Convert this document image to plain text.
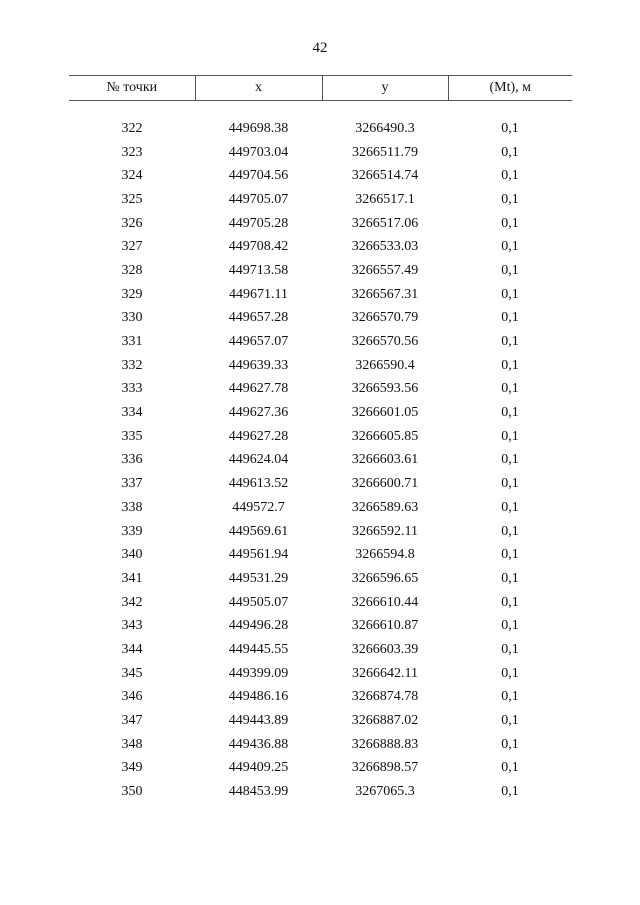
42
№ точки	x	y	(Mt), м

322	449698.38	3266490.3	0,1
323	449703.04	3266511.79	0,1
324	449704.56	3266514.74	0,1
325	449705.07	3266517.1	0,1
326	449705.28	3266517.06	0,1
327	449708.42	3266533.03	0,1
328	449713.58	3266557.49	0,1
329	449671.11	3266567.31	0,1
330	449657.28	3266570.79	0,1
331	449657.07	3266570.56	0,1
332	449639.33	3266590.4	0,1
333	449627.78	3266593.56	0,1
334	449627.36	3266601.05	0,1
335	449627.28	3266605.85	0,1
336	449624.04	3266603.61	0,1
337	449613.52	3266600.71	0,1
338	449572.7	3266589.63	0,1
339	449569.61	3266592.11	0,1
340	449561.94	3266594.8	0,1
341	449531.29	3266596.65	0,1
342	449505.07	3266610.44	0,1
343	449496.28	3266610.87	0,1
344	449445.55	3266603.39	0,1
345	449399.09	3266642.11	0,1
346	449486.16	3266874.78	0,1
347	449443.89	3266887.02	0,1
348	449436.88	3266888.83	0,1
349	449409.25	3266898.57	0,1
350	448453.99	3267065.3	0,1
